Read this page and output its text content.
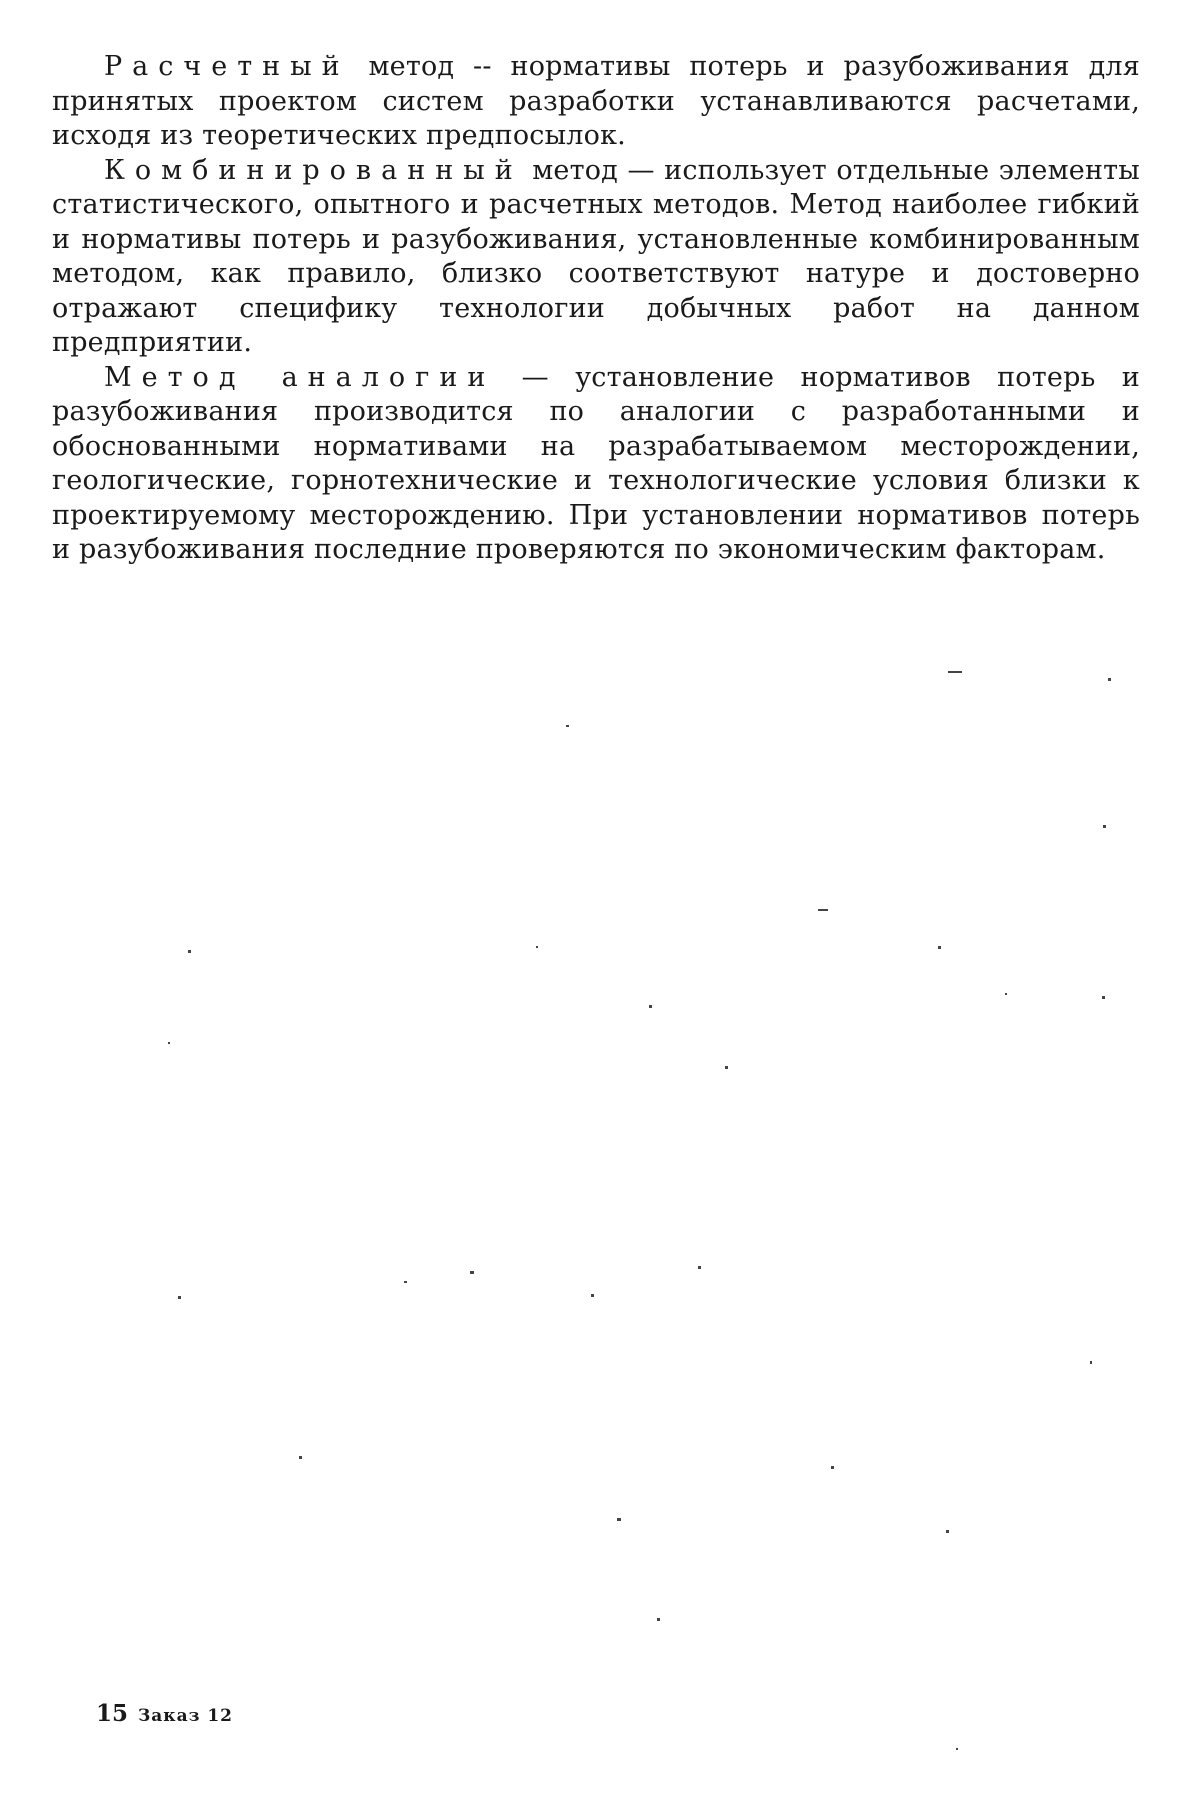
Расчетный метод -- нормативы потерь и разубоживания для принятых проектом систем разработки устанавливаются расчетами, исходя из теоретических предпосылок.

Комбинированный метод — использует отдельные элементы статистического, опытного и расчетных методов. Метод наиболее гибкий и нормативы потерь и разубоживания, установленные комбинированным методом, как правило, близко соответствуют натуре и достоверно отражают специфику технологии добычных работ на данном предприятии.

Метод аналогии — установление нормативов потерь и разубоживания производится по аналогии с разработанными и обоснованными нормативами на разрабатываемом месторождении, геологические, горнотехнические и технологические условия близки к проектируемому месторождению. При установлении нормативов потерь и разубоживания последние проверяются по экономическим факторам.

15 Заказ 12
